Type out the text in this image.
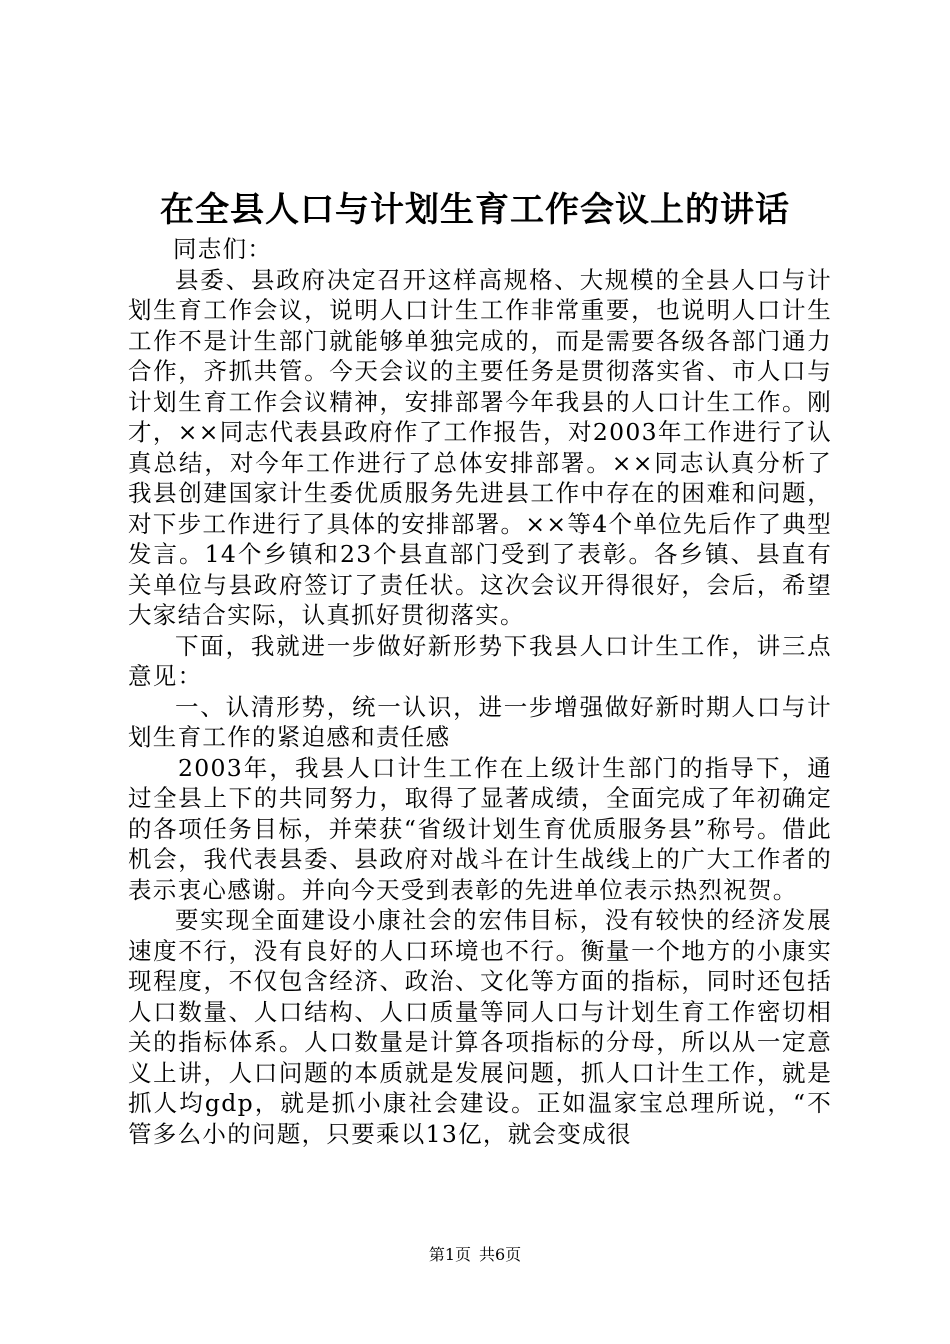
在全县人口与计划生育工作会议上的讲话

同志们：

县委、县政府决定召开这样高规格、大规模的全县人口与计划生育工作会议，说明人口计生工作非常重要，也说明人口计生工作不是计生部门就能够单独完成的，而是需要各级各部门通力合作，齐抓共管。今天会议的主要任务是贯彻落实省、市人口与计划生育工作会议精神，安排部署今年我县的人口计生工作。刚才，××同志代表县政府作了工作报告，对2003年工作进行了认真总结，对今年工作进行了总体安排部署。××同志认真分析了我县创建国家计生委优质服务先进县工作中存在的困难和问题，对下步工作进行了具体的安排部署。××等4个单位先后作了典型发言。14个乡镇和23个县直部门受到了表彰。各乡镇、县直有关单位与县政府签订了责任状。这次会议开得很好，会后，希望大家结合实际，认真抓好贯彻落实。

下面，我就进一步做好新形势下我县人口计生工作，讲三点意见：

一、认清形势，统一认识，进一步增强做好新时期人口与计划生育工作的紧迫感和责任感

2003年，我县人口计生工作在上级计生部门的指导下，通过全县上下的共同努力，取得了显著成绩，全面完成了年初确定的各项任务目标，并荣获“省级计划生育优质服务县”称号。借此机会，我代表县委、县政府对战斗在计生战线上的广大工作者的表示衷心感谢。并向今天受到表彰的先进单位表示热烈祝贺。

要实现全面建设小康社会的宏伟目标，没有较快的经济发展速度不行，没有良好的人口环境也不行。衡量一个地方的小康实现程度，不仅包含经济、政治、文化等方面的指标，同时还包括人口数量、人口结构、人口质量等同人口与计划生育工作密切相关的指标体系。人口数量是计算各项指标的分母，所以从一定意义上讲，人口问题的本质就是发展问题，抓人口计生工作，就是抓人均gdp，就是抓小康社会建设。正如温家宝总理所说，“不管多么小的问题，只要乘以13亿，就会变成很

第1页 共6页
